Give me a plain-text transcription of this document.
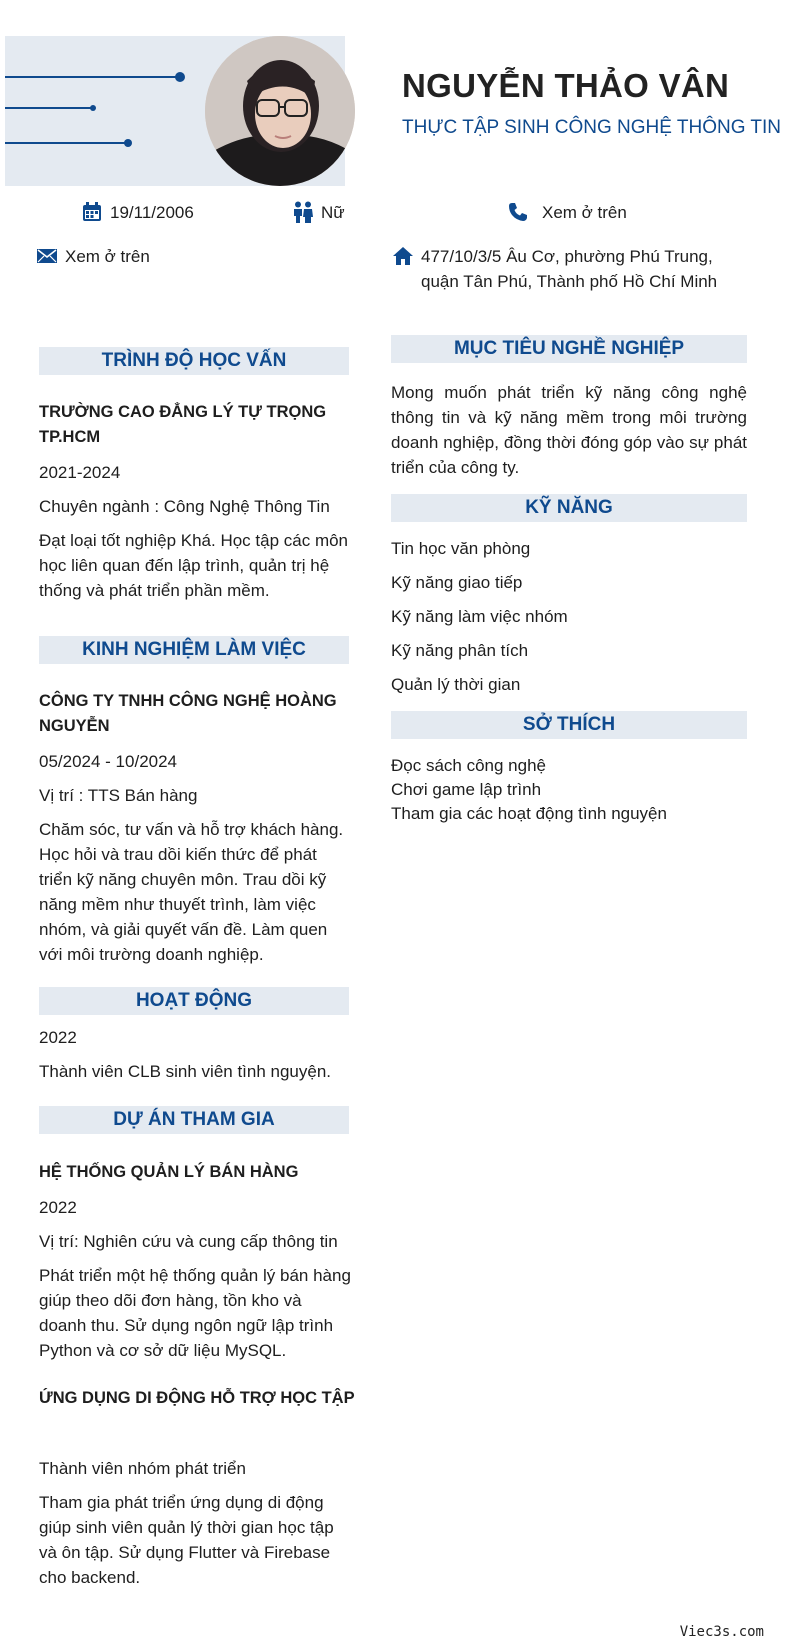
NGUYỄN THẢO VÂN
THỰC TẬP SINH CÔNG NGHỆ THÔNG TIN
19/11/2006	Nữ	Xem ở trên
Xem ở trên	477/10/3/5 Âu Cơ, phường Phú Trung,
quận Tân Phú, Thành phố Hồ Chí Minh
TRÌNH ĐỘ HỌC VẤN
TRƯỜNG CAO ĐẲNG LÝ TỰ TRỌNG
TP.HCM
2021-2024
Chuyên ngành : Công Nghệ Thông Tin
Đạt loại tốt nghiệp Khá. Học tập các môn học liên quan đến lập trình, quản trị hệ thống và phát triển phần mềm.
KINH NGHIỆM LÀM VIỆC
CÔNG TY TNHH CÔNG NGHỆ HOÀNG
NGUYỄN
05/2024 - 10/2024
Vị trí : TTS Bán hàng
Chăm sóc, tư vấn và hỗ trợ khách hàng. Học hỏi và trau dồi kiến thức để phát triển kỹ năng chuyên môn. Trau dồi kỹ năng mềm như thuyết trình, làm việc nhóm, và giải quyết vấn đề. Làm quen với môi trường doanh nghiệp.
HOẠT ĐỘNG
2022
Thành viên CLB sinh viên tình nguyện.
DỰ ÁN THAM GIA
HỆ THỐNG QUẢN LÝ BÁN HÀNG
2022
Vị trí: Nghiên cứu và cung cấp thông tin
Phát triển một hệ thống quản lý bán hàng giúp theo dõi đơn hàng, tồn kho và doanh thu. Sử dụng ngôn ngữ lập trình Python và cơ sở dữ liệu MySQL.
ỨNG DỤNG DI ĐỘNG HỖ TRỢ HỌC TẬP
Thành viên nhóm phát triển
Tham gia phát triển ứng dụng di động giúp sinh viên quản lý thời gian học tập và ôn tập. Sử dụng Flutter và Firebase cho backend.
MỤC TIÊU NGHỀ NGHIỆP
Mong muốn phát triển kỹ năng công nghệ thông tin và kỹ năng mềm trong môi trường doanh nghiệp, đồng thời đóng góp vào sự phát triển của công ty.
KỸ NĂNG
Tin học văn phòng
Kỹ năng giao tiếp
Kỹ năng làm việc nhóm
Kỹ năng phân tích
Quản lý thời gian
SỞ THÍCH
Đọc sách công nghệ
Chơi game lập trình
Tham gia các hoạt động tình nguyện
Viec3s.com
